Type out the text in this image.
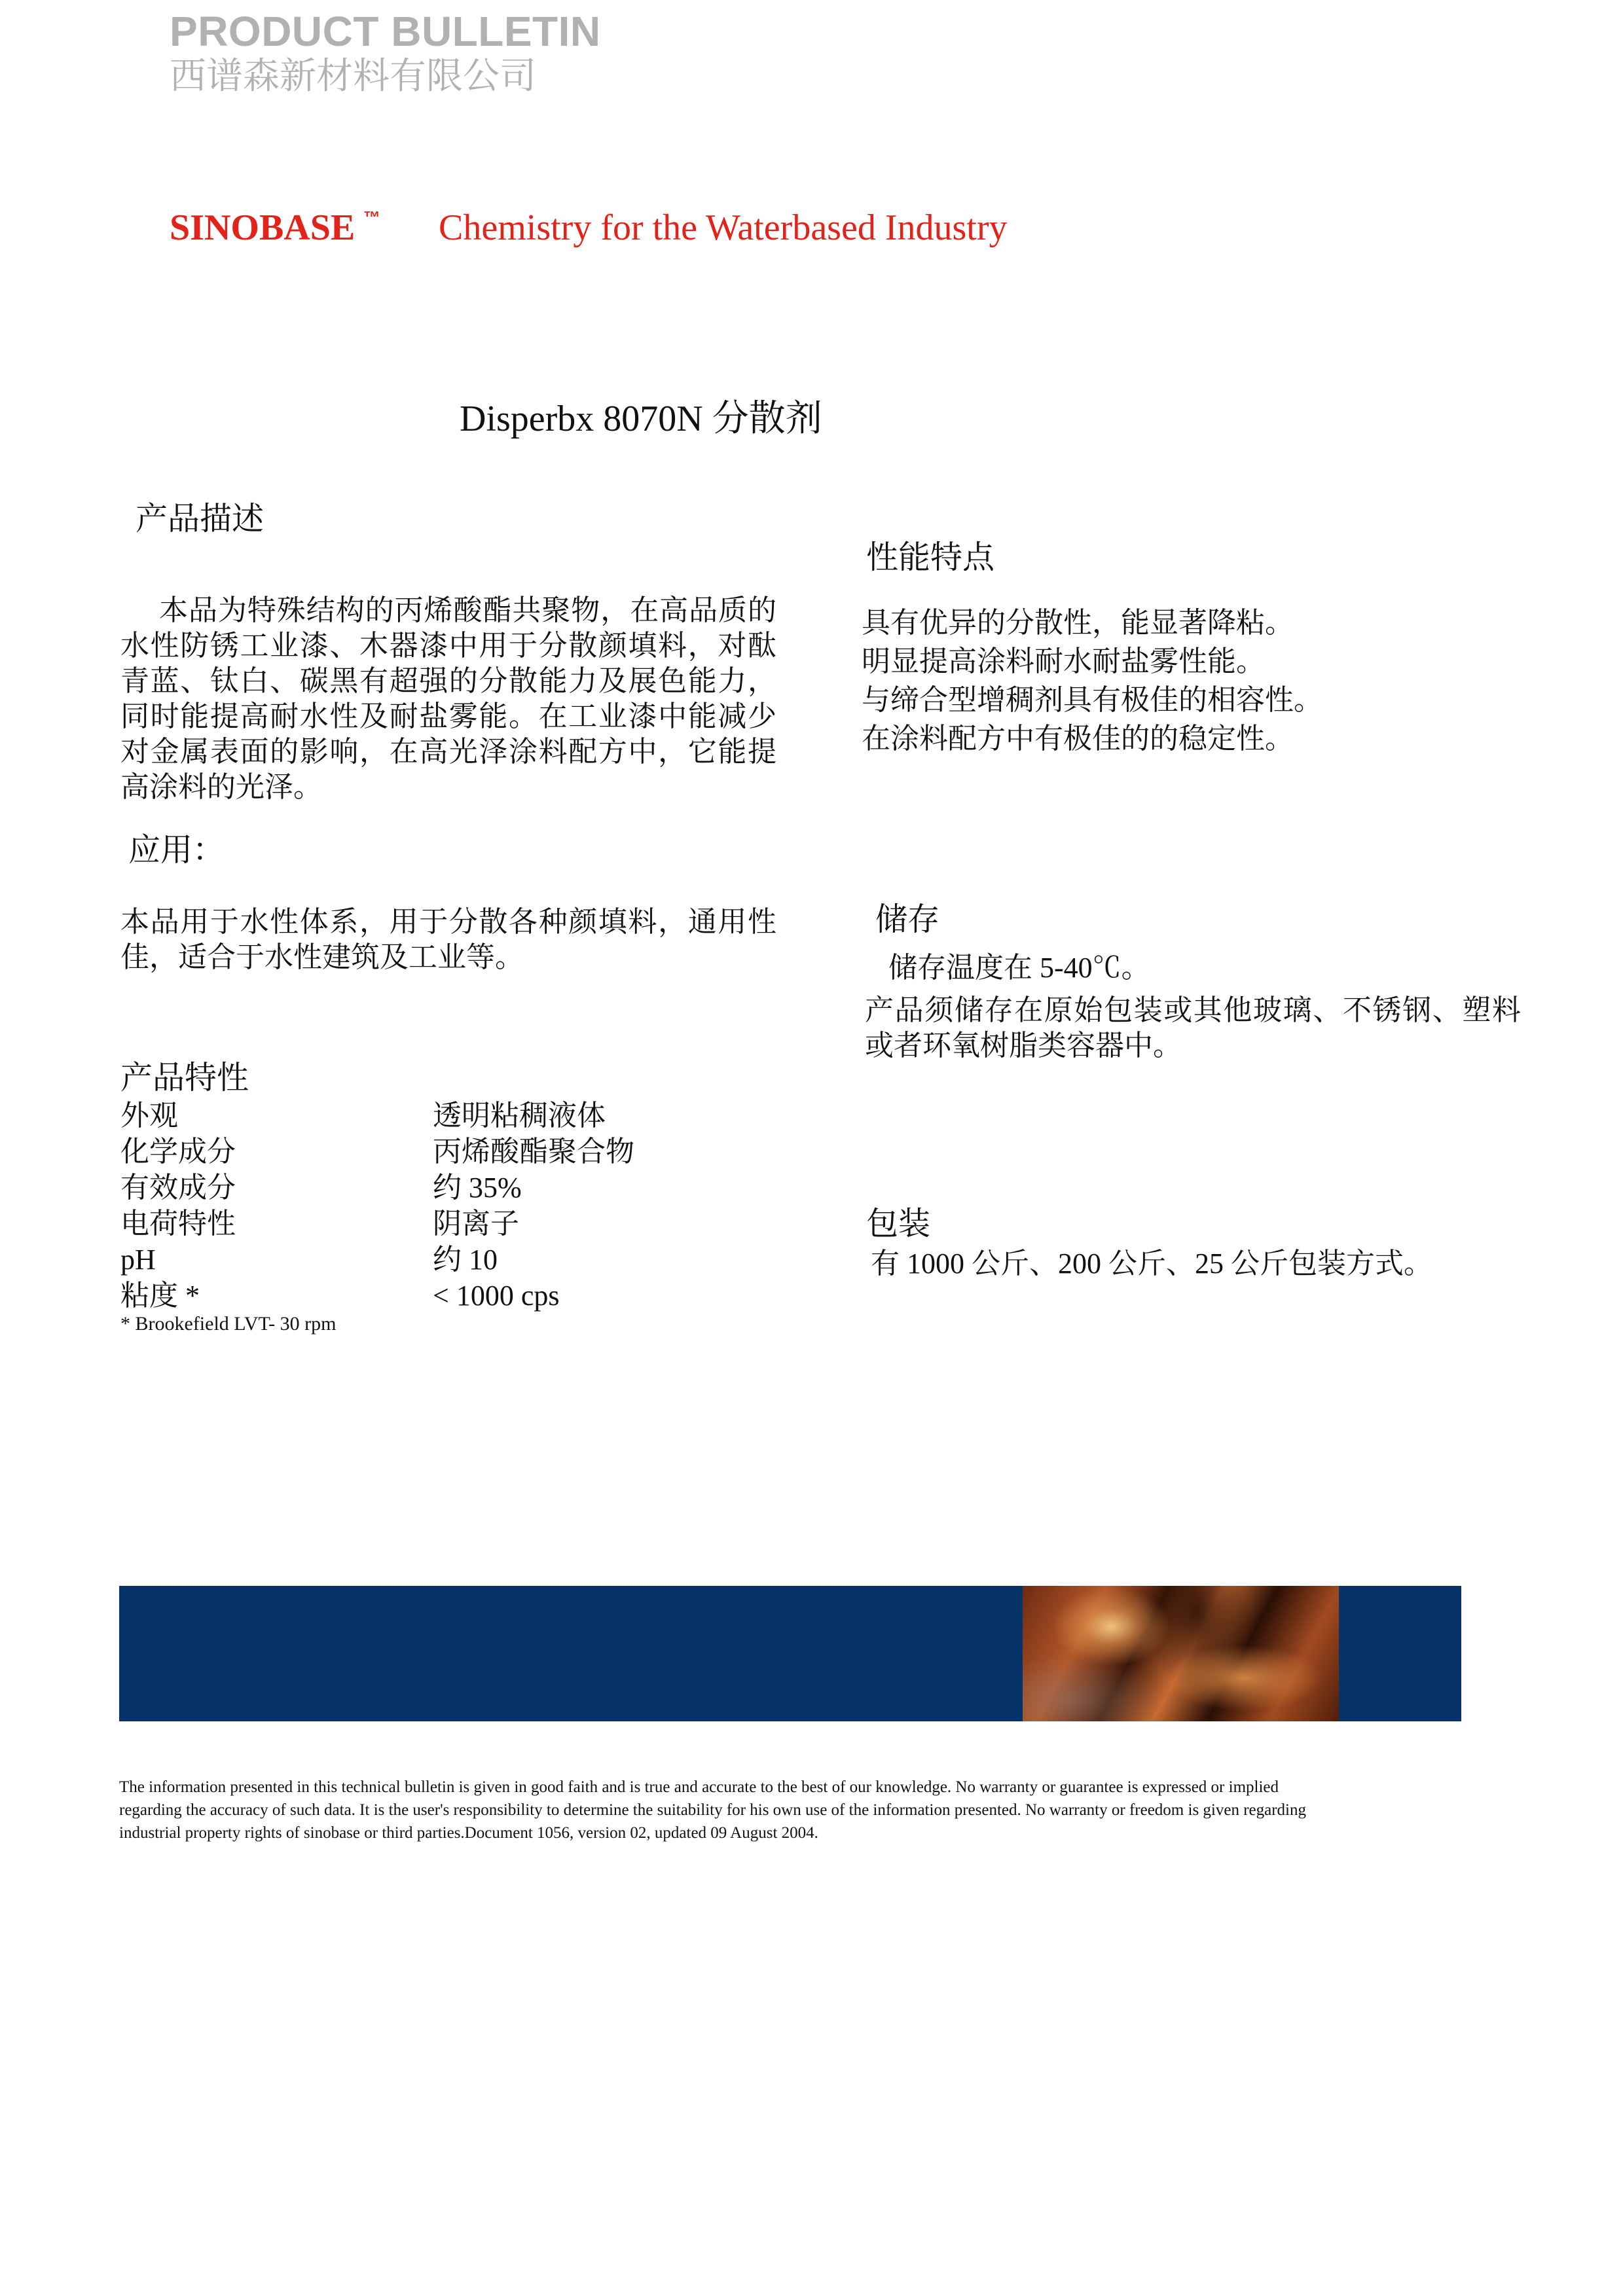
PRODUCT BULLETIN
西谱森新材料有限公司
SINOBASE ™ Chemistry for the Waterbased Industry
Disperbx 8070N 分散剂
产品描述
本品为特殊结构的丙烯酸酯共聚物，在高品质的
水性防锈工业漆、木器漆中用于分散颜填料，对酞
青蓝、钛白、碳黑有超强的分散能力及展色能力，
同时能提高耐水性及耐盐雾能。在工业漆中能减少
对金属表面的影响，在高光泽涂料配方中，它能提
高涂料的光泽。
应用：
本品用于水性体系，用于分散各种颜填料，通用性
佳，适合于水性建筑及工业等。
产品特性
外观	透明粘稠液体
化学成分	丙烯酸酯聚合物
有效成分	约 35%
电荷特性	阴离子
pH	约 10
粘度 *	< 1000 cps
* Brookefield LVT- 30 rpm
性能特点
具有优异的分散性，能显著降粘。
明显提高涂料耐水耐盐雾性能。
与缔合型增稠剂具有极佳的相容性。
在涂料配方中有极佳的的稳定性。
储存
储存温度在 5-40℃。
产品须储存在原始包装或其他玻璃、不锈钢、塑料
或者环氧树脂类容器中。
包装
有 1000 公斤、200 公斤、25 公斤包装方式。
The information presented in this technical bulletin is given in good faith and is true and accurate to the best of our knowledge. No warranty or guarantee is expressed or implied
regarding the accuracy of such data. It is the user's responsibility to determine the suitability for his own use of the information presented. No warranty or freedom is given regarding
industrial property rights of sinobase or third parties.Document 1056, version 02, updated 09 August 2004.
